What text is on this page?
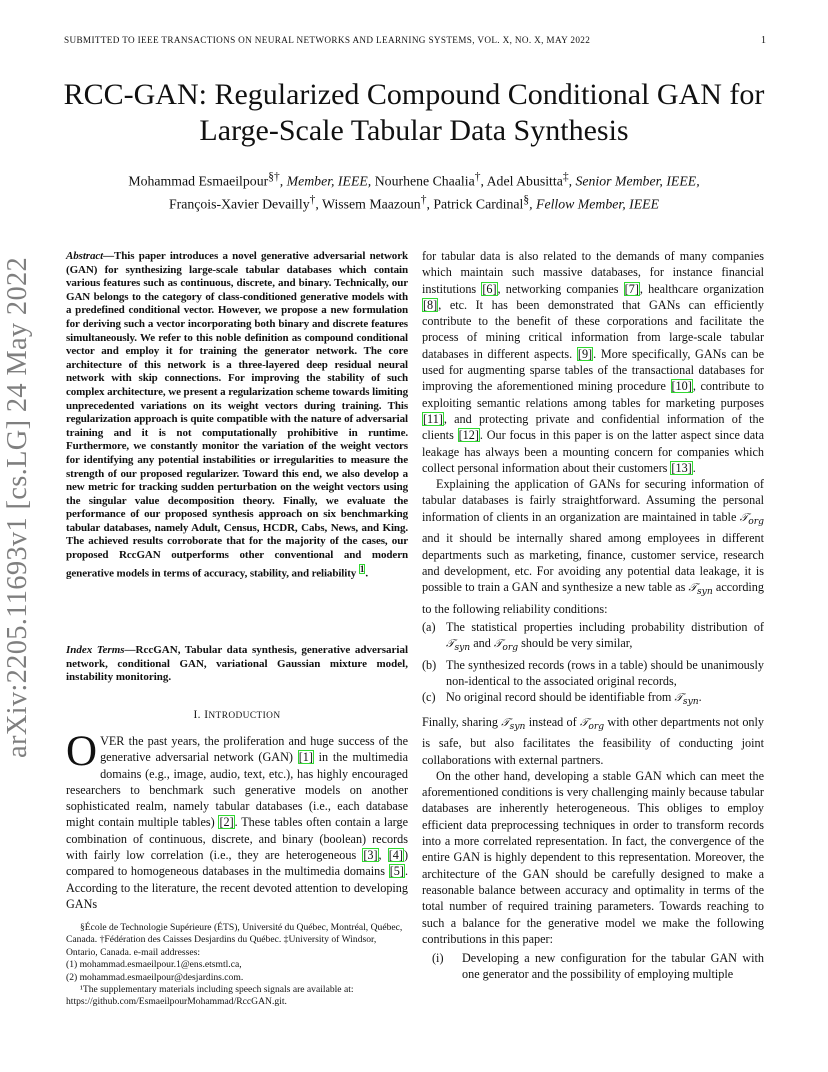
SUBMITTED TO IEEE TRANSACTIONS ON NEURAL NETWORKS AND LEARNING SYSTEMS, VOL. X, NO. X, MAY 2022	1
arXiv:2205.11693v1 [cs.LG] 24 May 2022
RCC-GAN: Regularized Compound Conditional GAN for Large-Scale Tabular Data Synthesis
Mohammad Esmaeilpour§†, Member, IEEE, Nourhene Chaalia†, Adel Abusitta‡, Senior Member, IEEE,
François-Xavier Devailly†, Wissem Maazoun†, Patrick Cardinal§, Fellow Member, IEEE
Abstract—This paper introduces a novel generative adversarial network (GAN) for synthesizing large-scale tabular databases which contain various features such as continuous, discrete, and binary. Technically, our GAN belongs to the category of class-conditioned generative models with a predefined conditional vector. However, we propose a new formulation for deriving such a vector incorporating both binary and discrete features simultaneously. We refer to this noble definition as compound conditional vector and employ it for training the generator network. The core architecture of this network is a three-layered deep residual neural network with skip connections. For improving the stability of such complex architecture, we present a regularization scheme towards limiting unprecedented variations on its weight vectors during training. This regularization approach is quite compatible with the nature of adversarial training and it is not computationally prohibitive in runtime. Furthermore, we constantly monitor the variation of the weight vectors for identifying any potential instabilities or irregularities to measure the strength of our proposed regularizer. Toward this end, we also develop a new metric for tracking sudden perturbation on the weight vectors using the singular value decomposition theory. Finally, we evaluate the performance of our proposed synthesis approach on six benchmarking tabular databases, namely Adult, Census, HCDR, Cabs, News, and King. The achieved results corroborate that for the majority of the cases, our proposed RccGAN outperforms other conventional and modern generative models in terms of accuracy, stability, and reliability $^1$.
Index Terms—RccGAN, Tabular data synthesis, generative adversarial network, conditional GAN, variational Gaussian mixture model, instability monitoring.
I. INTRODUCTION
OVER the past years, the proliferation and huge success of the generative adversarial network (GAN) [1] in the multimedia domains (e.g., image, audio, text, etc.), has highly encouraged researchers to benchmark such generative models on another sophisticated realm, namely tabular databases (i.e., each database might contain multiple tables) [2]. These tables often contain a large combination of continuous, discrete, and binary (boolean) records with fairly low correlation (i.e., they are heterogeneous [3], [4]) compared to homogeneous databases in the multimedia domains [5]. According to the literature, the recent devoted attention to developing GANs

§École de Technologie Supérieure (ÉTS), Université du Québec, Montréal, Québec, Canada. †Fédération des Caisses Desjardins du Québec. ‡University of Windsor, Ontario, Canada. e-mail addresses:

(1) mohammad.esmaeilpour.1@ens.etsmtl.ca,

(2) mohammad.esmaeilpour@desjardins.com.

¹The supplementary materials including speech signals are available at: https://github.com/EsmaeilpourMohammad/RccGAN.git.

for tabular data is also related to the demands of many companies which maintain such massive databases, for instance financial institutions [6], networking companies [7], healthcare organization [8], etc. It has been demonstrated that GANs can efficiently contribute to the benefit of these corporations and facilitate the process of mining critical information from large-scale tabular databases in different aspects. [9]. More specifically, GANs can be used for augmenting sparse tables of the transactional databases for improving the aforementioned mining procedure [10], contribute to exploiting semantic relations among tables for marketing purposes [11], and protecting private and confidential information of the clients [12]. Our focus in this paper is on the latter aspect since data leakage has always been a mounting concern for companies which collect personal information about their customers [13].

Explaining the application of GANs for securing information of tabular databases is fairly straightforward. Assuming the personal information of clients in an organization are maintained in table 𝒯$_{org}$ and it should be internally shared among employees in different departments such as marketing, finance, customer service, research and development, etc. For avoiding any potential data leakage, it is possible to train a GAN and synthesize a new table as 𝒯$_{syn}$ according to the following reliability conditions:

(a) The statistical properties including probability distribution of 𝒯$_{syn}$ and 𝒯$_{org}$ should be very similar,
(b) The synthesized records (rows in a table) should be unanimously non-identical to the associated original records,
(c) No original record should be identifiable from 𝒯$_{syn}$.

Finally, sharing 𝒯$_{syn}$ instead of 𝒯$_{org}$ with other departments not only is safe, but also facilitates the feasibility of conducting joint collaborations with external partners.

On the other hand, developing a stable GAN which can meet the aforementioned conditions is very challenging mainly because tabular databases are inherently heterogeneous. This obliges to employ efficient data preprocessing techniques in order to transform records into a more correlated representation. In fact, the convergence of the entire GAN is highly dependent to this representation. Moreover, the architecture of the GAN should be carefully designed to make a reasonable balance between accuracy and optimality in terms of the total number of required training parameters. Towards reaching to such a balance for the generative model we make the following contributions in this paper:

(i) Developing a new configuration for the tabular GAN with one generator and the possibility of employing multiple
